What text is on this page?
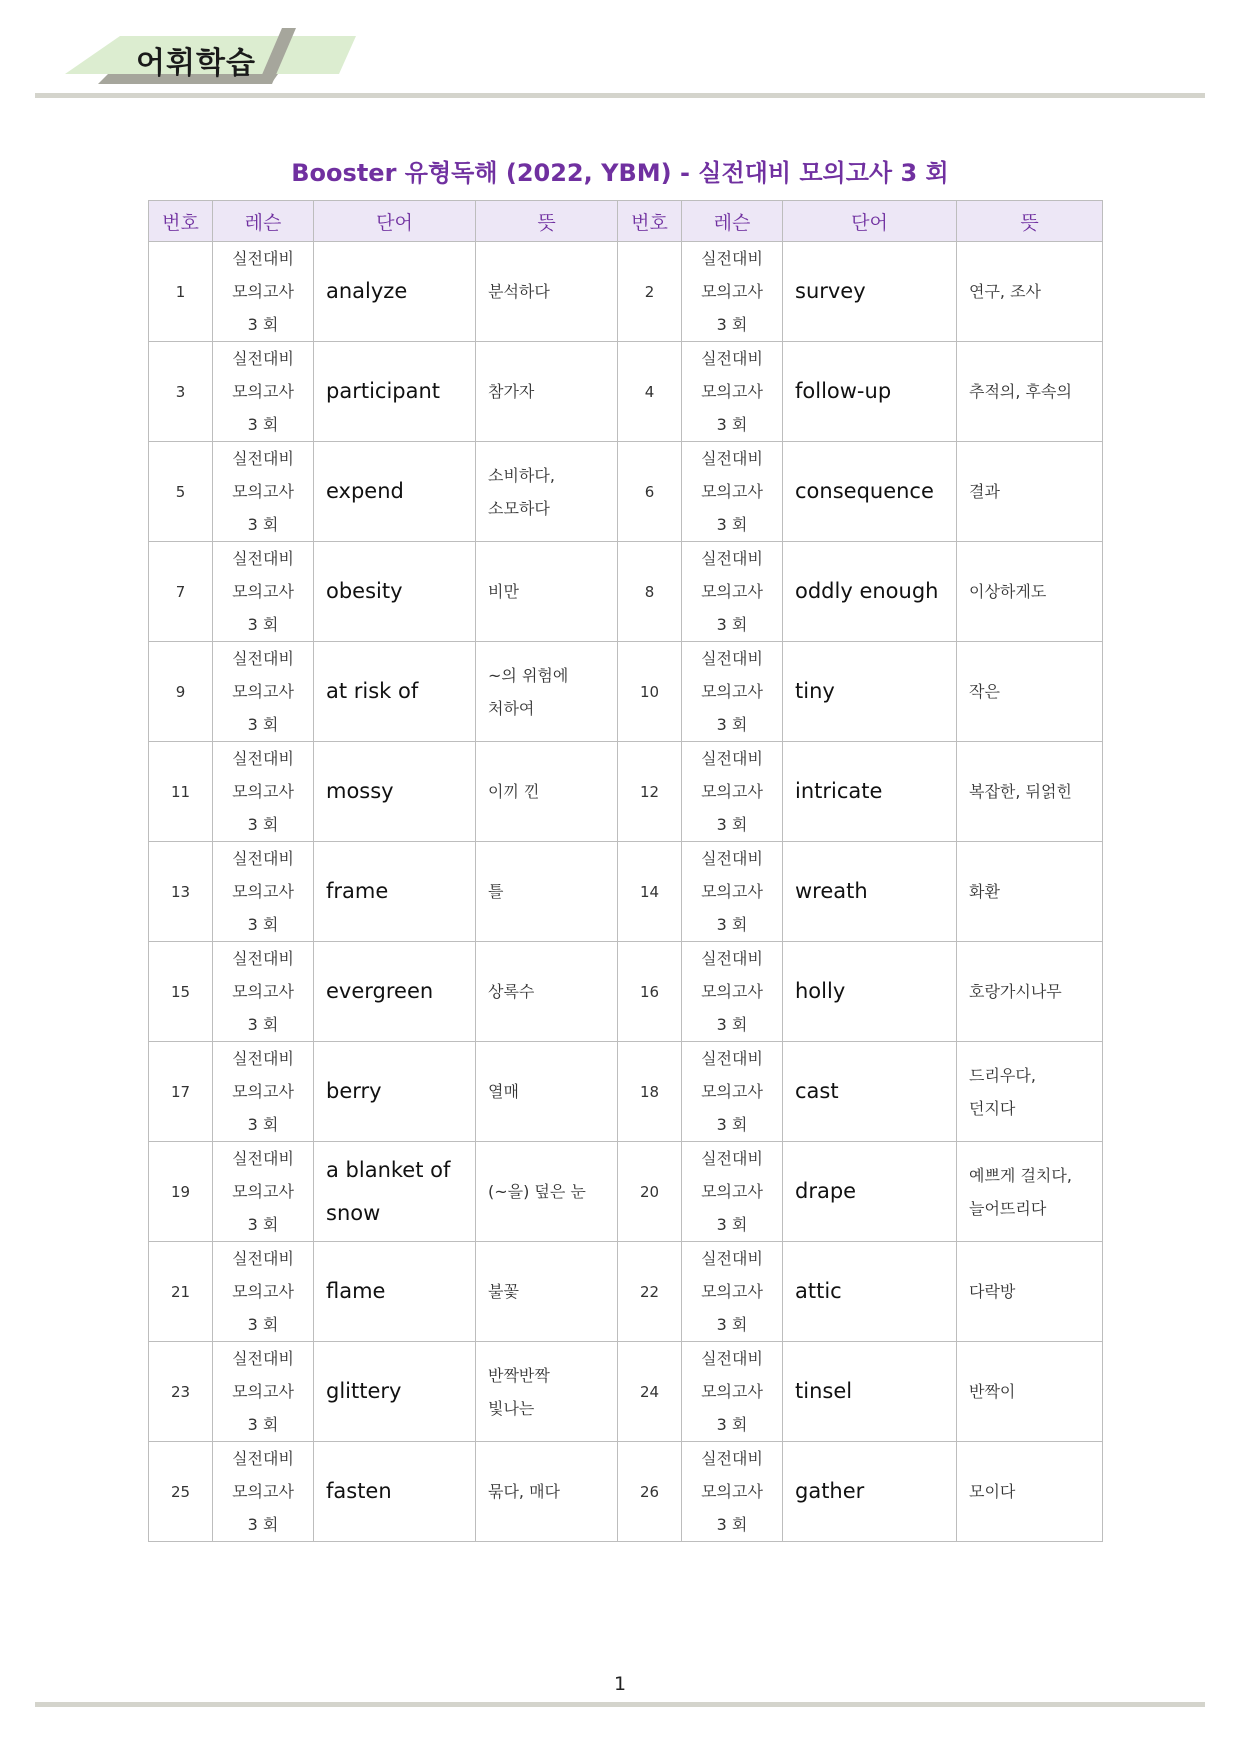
어휘학습
Booster 유형독해 (2022, YBM) - 실전대비 모의고사 3 회
번호	레슨	단어	뜻	번호	레슨	단어	뜻
1	실전대비
모의고사
3 회	analyze	분석하다	2	실전대비
모의고사
3 회	survey	연구, 조사

3	실전대비
모의고사
3 회	participant	참가자	4	실전대비
모의고사
3 회	follow-up	추적의, 후속의

5	실전대비
모의고사
3 회	expend	소비하다,
소모하다	6	실전대비
모의고사
3 회	consequence	결과

7	실전대비
모의고사
3 회	obesity	비만	8	실전대비
모의고사
3 회	oddly enough	이상하게도

9	실전대비
모의고사
3 회	at risk of	~의 위험에
처하여	10	실전대비
모의고사
3 회	tiny	작은

11	실전대비
모의고사
3 회	mossy	이끼 낀	12	실전대비
모의고사
3 회	intricate	복잡한, 뒤얽힌

13	실전대비
모의고사
3 회	frame	틀	14	실전대비
모의고사
3 회	wreath	화환

15	실전대비
모의고사
3 회	evergreen	상록수	16	실전대비
모의고사
3 회	holly	호랑가시나무

17	실전대비
모의고사
3 회	berry	열매	18	실전대비
모의고사
3 회	cast	드리우다,
던지다

19	실전대비
모의고사
3 회	a blanket of
snow	(~을) 덮은 눈	20	실전대비
모의고사
3 회	drape	예쁘게 걸치다,
늘어뜨리다

21	실전대비
모의고사
3 회	flame	불꽃	22	실전대비
모의고사
3 회	attic	다락방

23	실전대비
모의고사
3 회	glittery	반짝반짝
빛나는	24	실전대비
모의고사
3 회	tinsel	반짝이

25	실전대비
모의고사
3 회	fasten	묶다, 매다	26	실전대비
모의고사
3 회	gather	모이다
1
